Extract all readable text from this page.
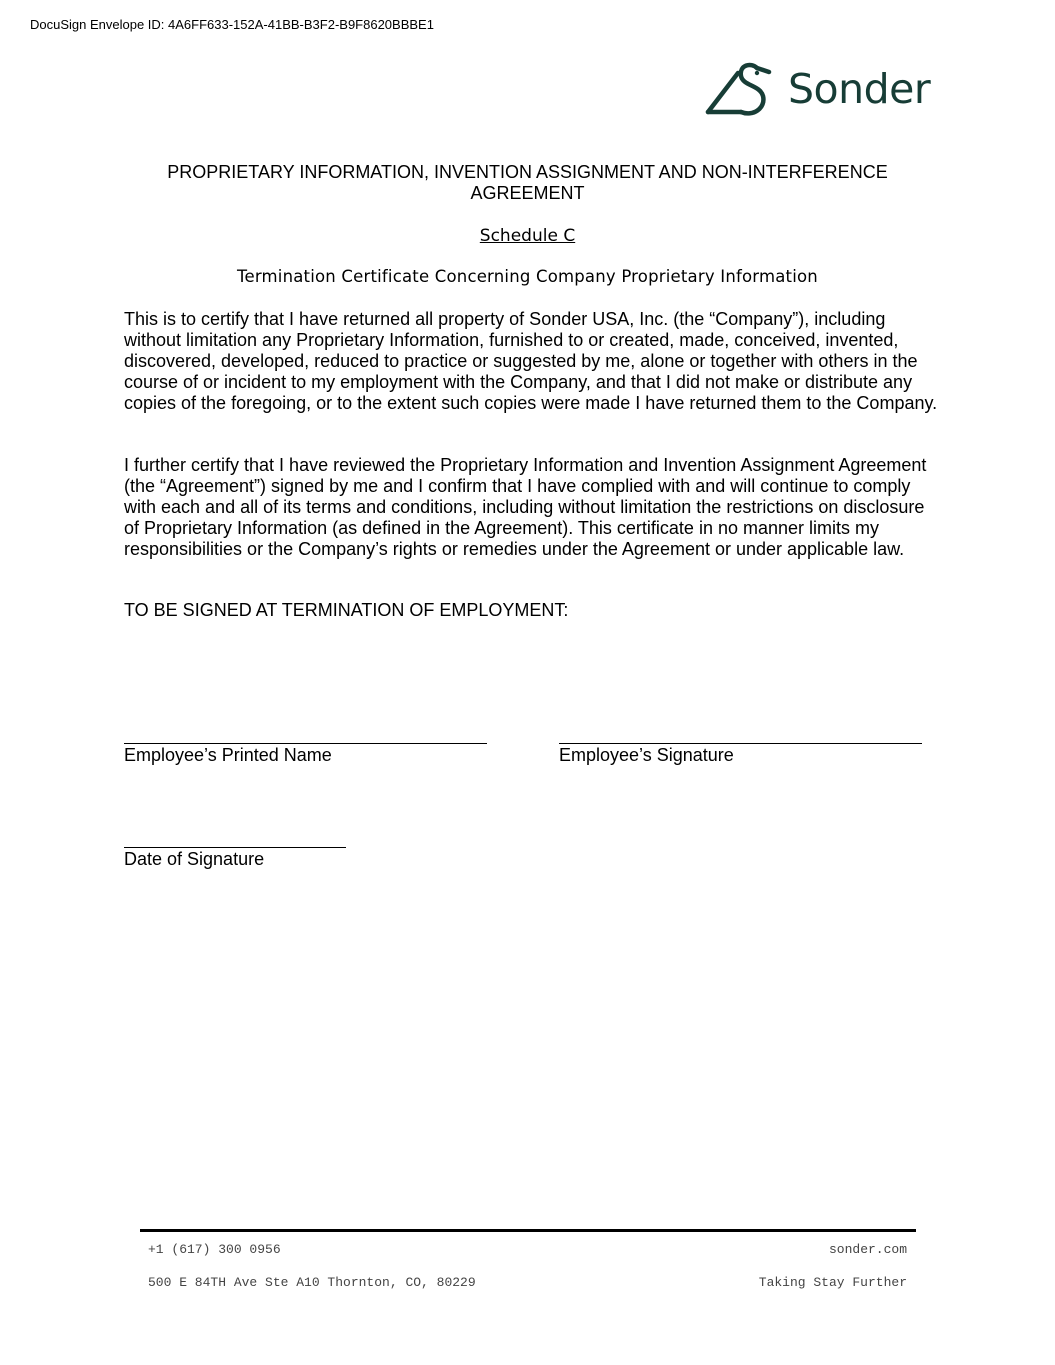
DocuSign Envelope ID: 4A6FF633-152A-41BB-B3F2-B9F8620BBBE1
Sonder
PROPRIETARY INFORMATION, INVENTION ASSIGNMENT AND NON-INTERFERENCE
AGREEMENT
Schedule C
Termination Certificate Concerning Company Proprietary Information

This is to certify that I have returned all property of Sonder USA, Inc. (the “Company”), including without limitation any Proprietary Information, furnished to or created, made, conceived, invented, discovered, developed, reduced to practice or suggested by me, alone or together with others in the course of or incident to my employment with the Company, and that I did not make or distribute any copies of the foregoing, or to the extent such copies were made I have returned them to the Company.

I further certify that I have reviewed the Proprietary Information and Invention Assignment Agreement (the “Agreement”) signed by me and I confirm that I have complied with and will continue to comply with each and all of its terms and conditions, including without limitation the restrictions on disclosure of Proprietary Information (as defined in the Agreement). This certificate in no manner limits my responsibilities or the Company’s rights or remedies under the Agreement or under applicable law.

TO BE SIGNED AT TERMINATION OF EMPLOYMENT:

Employee’s Printed Name	Employee’s Signature
Date of Signature
+1 (617) 300 0956	sonder.com
500 E 84TH Ave Ste A10 Thornton, CO, 80229	Taking Stay Further
